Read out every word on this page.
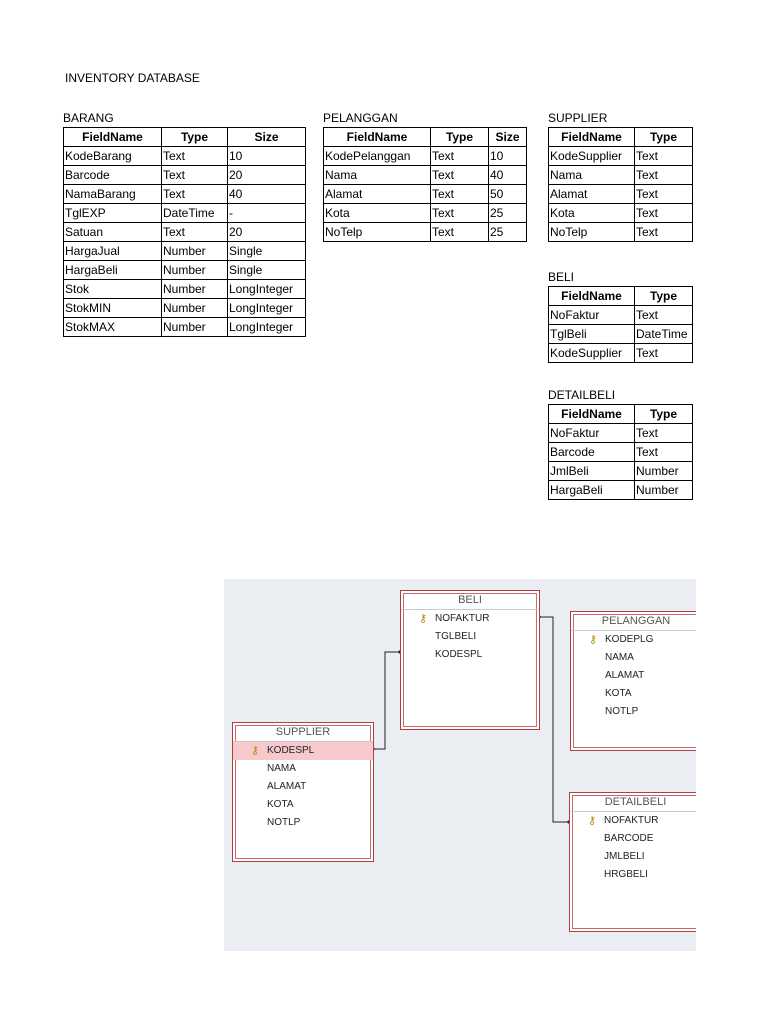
INVENTORY DATABASE
BARANG
FieldName	Type	Size
KodeBarang	Text	10
Barcode	Text	20
NamaBarang	Text	40
TglEXP	DateTime	-
Satuan	Text	20
HargaJual	Number	Single
HargaBeli	Number	Single
Stok	Number	LongInteger
StokMIN	Number	LongInteger
StokMAX	Number	LongInteger
PELANGGAN
FieldName	Type	Size
KodePelanggan	Text	10
Nama	Text	40
Alamat	Text	50
Kota	Text	25
NoTelp	Text	25
SUPPLIER
FieldName	Type
KodeSupplier	Text
Nama	Text
Alamat	Text
Kota	Text
NoTelp	Text
BELI
FieldName	Type
NoFaktur	Text
TglBeli	DateTime
KodeSupplier	Text
DETAILBELI
FieldName	Type
NoFaktur	Text
Barcode	Text
JmlBeli	Number
HargaBeli	Number
BELI
⚷ NOFAKTUR
TGLBELI
KODESPL
PELANGGAN
⚷ KODEPLG
NAMA
ALAMAT
KOTA
NOTLP
SUPPLIER
⚷ KODESPL
NAMA
ALAMAT
KOTA
NOTLP
DETAILBELI
⚷ NOFAKTUR
BARCODE
JMLBELI
HRGBELI
